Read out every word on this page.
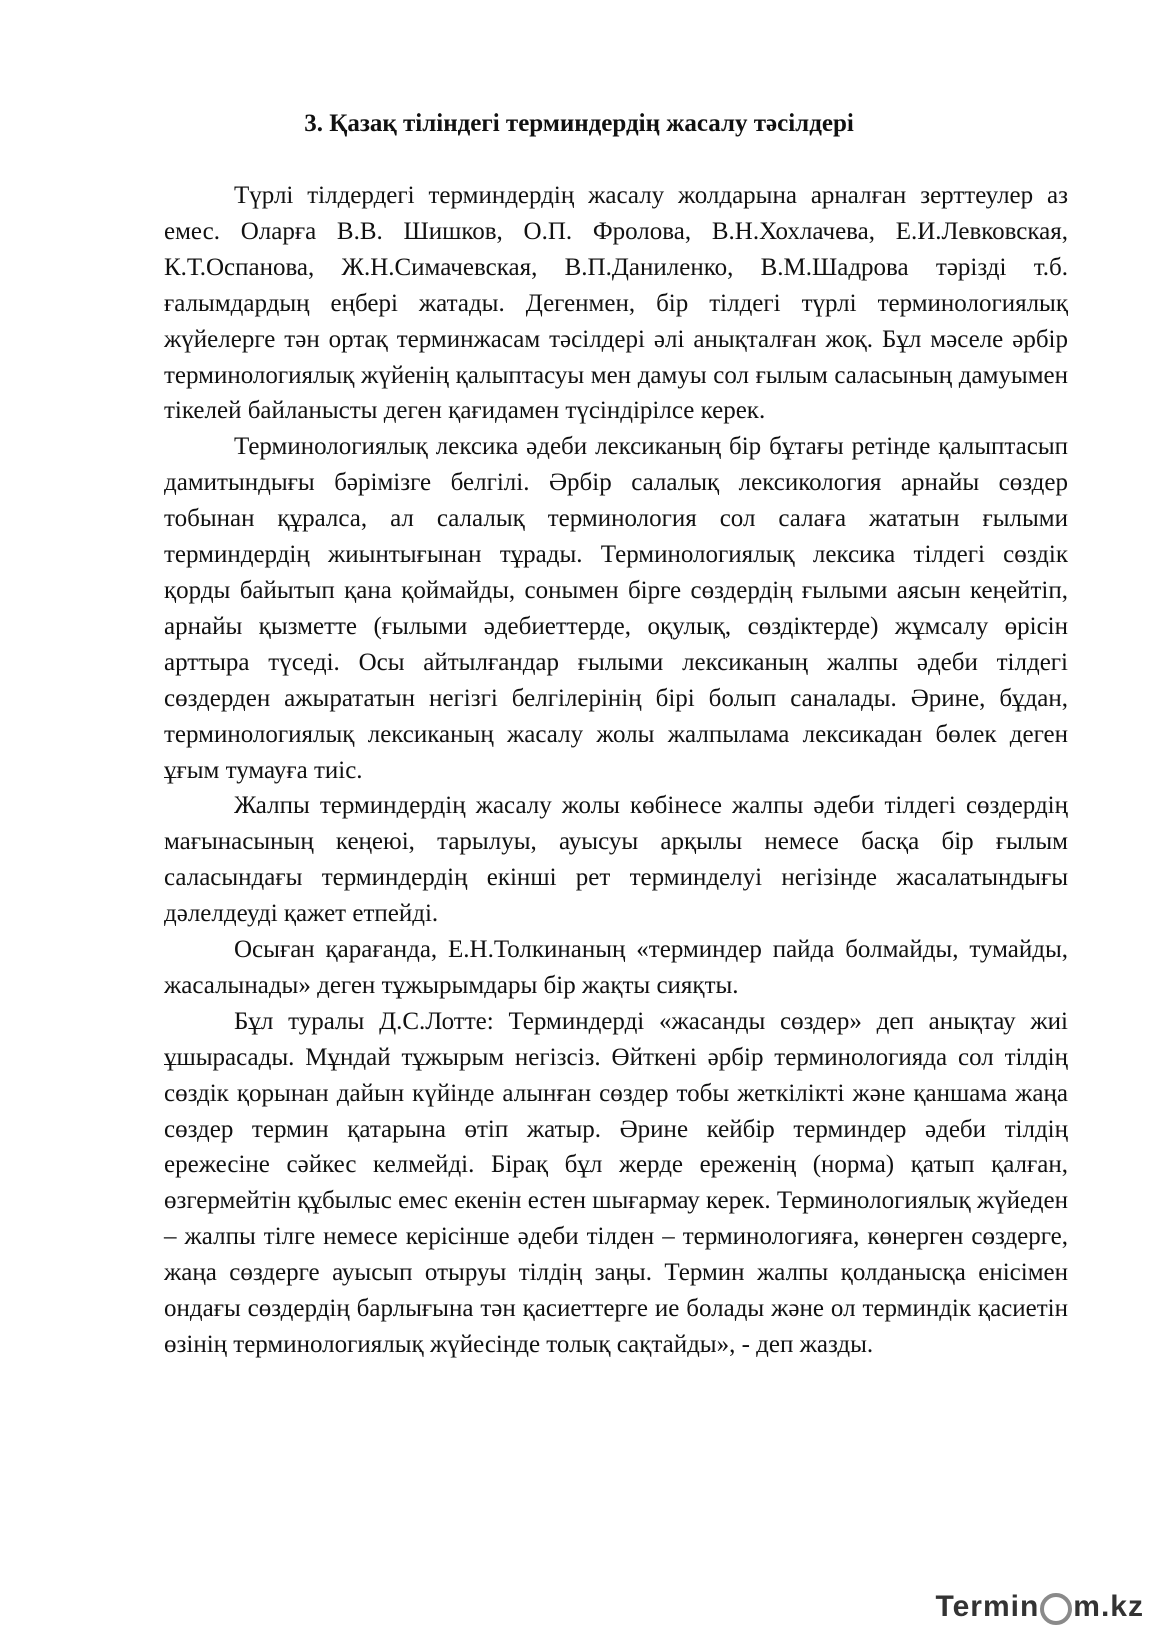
3. Қазақ тіліндегі терминдердің жасалу тәсілдері

Түрлі тілдердегі терминдердің жасалу жолдарына арналған зерттеулер аз емес. Оларға В.В. Шишков, О.П. Фролова, В.Н.Хохлачева, Е.И.Левковская, К.Т.Оспанова, Ж.Н.Симачевская, В.П.Даниленко, В.М.Шадрова тәрізді т.б. ғалымдардың еңбері жатады. Дегенмен, бір тілдегі түрлі терминологиялық жүйелерге тән ортақ терминжасам тәсілдері әлі анықталған жоқ. Бұл мәселе әрбір терминологиялық жүйенің қалыптасуы мен дамуы сол ғылым саласының дамуымен тікелей байланысты деген қағидамен түсіндірілсе керек.

Терминологиялық лексика әдеби лексиканың бір бұтағы ретінде қалыптасып дамитындығы бәрімізге белгілі. Әрбір салалық лексикология арнайы сөздер тобынан құралса, ал салалық терминология сол салаға жататын ғылыми терминдердің жиынтығынан тұрады. Терминологиялық лексика тілдегі сөздік қорды байытып қана қоймайды, сонымен бірге сөздердің ғылыми аясын кеңейтіп, арнайы қызметте (ғылыми әдебиеттерде, оқулық, сөздіктерде) жұмсалу өрісін арттыра түседі. Осы айтылғандар ғылыми лексиканың жалпы әдеби тілдегі сөздерден ажырататын негізгі белгілерінің бірі болып саналады. Әрине, бұдан, терминологиялық лексиканың жасалу жолы жалпылама лексикадан бөлек деген ұғым тумауға тиіс.

Жалпы терминдердің жасалу жолы көбінесе жалпы әдеби тілдегі сөздердің мағынасының кеңеюі, тарылуы, ауысуы арқылы немесе басқа бір ғылым саласындағы терминдердің екінші рет терминделуі негізінде жасалатындығы дәлелдеуді қажет етпейді.

Осыған қарағанда, Е.Н.Толкинаның «терминдер пайда болмайды, тумайды, жасалынады» деген тұжырымдары бір жақты сияқты.

Бұл туралы Д.С.Лотте: Терминдерді «жасанды сөздер» деп анықтау жиі ұшырасады. Мұндай тұжырым негізсіз. Өйткені әрбір терминологияда сол тілдің сөздік қорынан дайын күйінде алынған сөздер тобы жеткілікті және қаншама жаңа сөздер термин қатарына өтіп жатыр. Әрине кейбір терминдер әдеби тілдің ережесіне сәйкес келмейді. Бірақ бұл жерде ереженің (норма) қатып қалған, өзгермейтін құбылыс емес екенін естен шығармау керек. Терминологиялық жүйеден – жалпы тілге немесе керісінше әдеби тілден – терминологияға, көнерген сөздерге, жаңа сөздерге ауысып отыруы тілдің заңы. Термин жалпы қолданысқа енісімен ондағы сөздердің барлығына тән қасиеттерге ие болады және ол терминдік қасиетін өзінің терминологиялық жүйесінде толық сақтайды», - деп жазды.

Termin m.kz
